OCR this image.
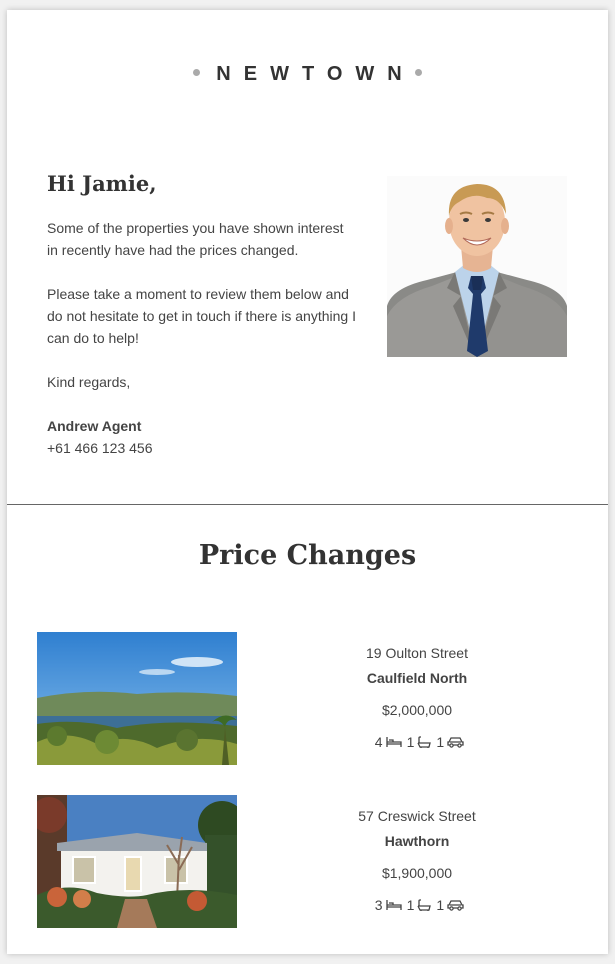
NEWTOWN
Hi Jamie,

Some of the properties you have shown interest in recently have had the prices changed.

Please take a moment to review them below and do not hesitate to get in touch if there is anything I can do to help!

Kind regards,

Andrew Agent
+61 466 123 456
Price Changes
19 Oulton Street
Caulfield North
$2,000,000
4 1 1
57 Creswick Street
Hawthorn
$1,900,000
3 1 1
